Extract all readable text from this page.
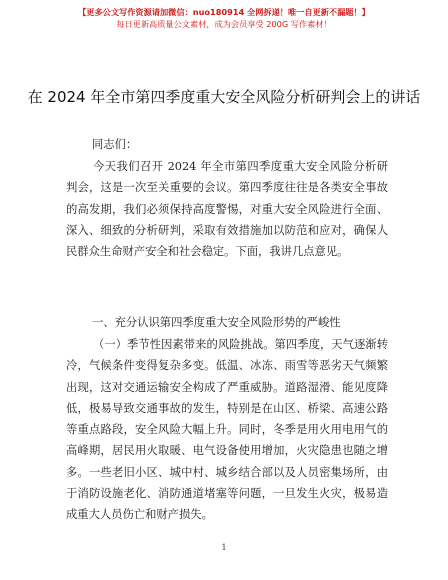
【更多公文写作资源请加微信：nuo180914 全网拆递！唯一自更新不漏题！】
每日更新高质量公文素材，成为会员享受 200G 写作素材！
在 2024 年全市第四季度重大安全风险分析研判会上的讲话
同志们：
今天我们召开 2024 年全市第四季度重大安全风险分析研判会，这是一次至关重要的会议。第四季度往往是各类安全事故的高发期，我们必须保持高度警惕，对重大安全风险进行全面、深入、细致的分析研判，采取有效措施加以防范和应对，确保人民群众生命财产安全和社会稳定。下面，我讲几点意见。
一、充分认识第四季度重大安全风险形势的严峻性
（一）季节性因素带来的风险挑战。第四季度，天气逐渐转冷，气候条件变得复杂多变。低温、冰冻、雨雪等恶劣天气频繁出现，这对交通运输安全构成了严重威胁。道路湿滑、能见度降低，极易导致交通事故的发生，特别是在山区、桥梁、高速公路等重点路段，安全风险大幅上升。同时，冬季是用火用电用气的高峰期，居民用火取暖、电气设备使用增加，火灾隐患也随之增多。一些老旧小区、城中村、城乡结合部以及人员密集场所，由于消防设施老化、消防通道堵塞等问题，一旦发生火灾，极易造成重大人员伤亡和财产损失。
1
